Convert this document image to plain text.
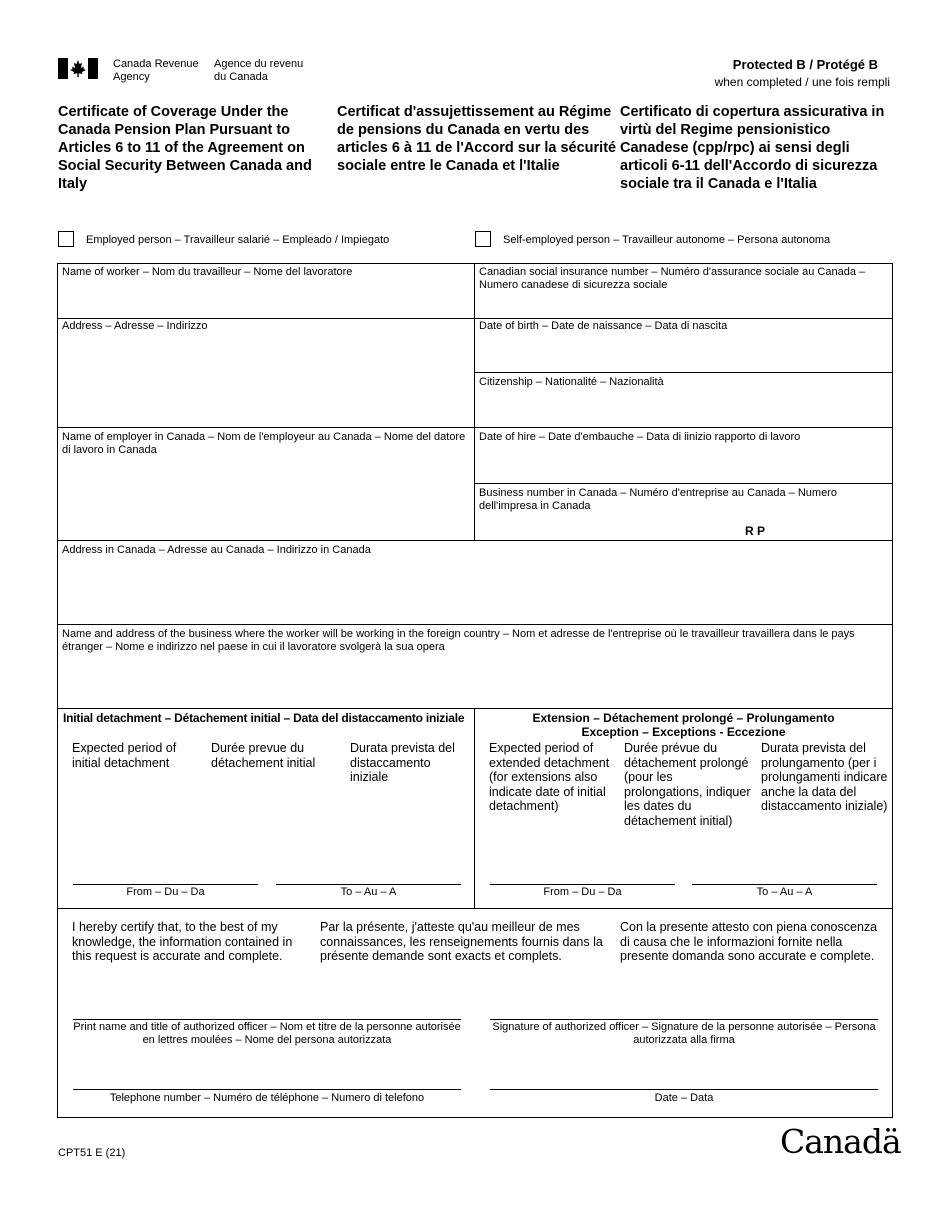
Canada Revenue
Agency
Agence du revenu
du Canada
Protected B / Protégé B
when completed / une fois rempli
Certificate of Coverage Under the Canada Pension Plan Pursuant to Articles 6 to 11 of the Agreement on Social Security Between Canada and Italy
Certificat d'assujettissement au Régime de pensions du Canada en vertu des articles 6 à 11 de l'Accord sur la sécurité sociale entre le Canada et l'Italie
Certificato di copertura assicurativa in virtù del Regime pensionistico Canadese (cpp/rpc) ai sensi degli articoli 6-11 dell'Accordo di sicurezza sociale tra il Canada e l'Italia
Employed person – Travailleur salarié – Empleado / Impiegato	Self-employed person – Travailleur autonome – Persona autonoma
Name of worker – Nom du travailleur – Nome del lavoratore	Canadian social insurance number – Numéro d'assurance sociale au Canada – Numero canadese di sicurezza sociale
Address – Adresse – Indirizzo	Date of birth – Date de naissance – Data di nascita
Citizenship – Nationalité – Nazionalità
Name of employer in Canada – Nom de l'employeur au Canada – Nome del datore di lavoro in Canada
Date of hire – Date d'embauche – Data di iinizio rapporto di lavoro
Business number in Canada – Numéro d'entreprise au Canada – Numero dell'impresa in Canada
R P
Address in Canada – Adresse au Canada – Indirizzo in Canada
Name and address of the business where the worker will be working in the foreign country – Nom et adresse de l'entreprise où le travailleur travaillera dans le pays étranger – Nome e indirizzo nel paese in cui il lavoratore svolgerà la sua opera
Initial detachment – Détachement initial – Data del distaccamento iniziale
Expected period of initial detachment
Durée prevue du détachement initial
Durata prevista del distaccamento iniziale
From – Du – Da	To – Au – A
Extension – Détachement prolongé – Prolungamento
Exception – Exceptions - Eccezione
Expected period of extended detachment (for extensions also indicate date of initial detachment)
Durée prévue du détachement prolongé (pour les prolongations, indiquer les dates du détachement initial)
Durata prevista del prolungamento (per i prolungamenti indicare anche la data del distaccamento iniziale)
From – Du – Da	To – Au – A
I hereby certify that, to the best of my knowledge, the information contained in this request is accurate and complete.
Par la présente, j'atteste qu'au meilleur de mes connaissances, les renseignements fournis dans la présente demande sont exacts et complets.
Con la presente attesto con piena conoscenza di causa che le informazioni fornite nella presente domanda sono accurate e complete.
Print name and title of authorized officer – Nom et titre de la personne autorisée en lettres moulées – Nome del persona autorizzata
Signature of authorized officer – Signature de la personne autorisée – Persona autorizzata alla firma
Telephone number – Numéro de téléphone – Numero di telefono	Date – Data
CPT51 E (21)	Canadä
